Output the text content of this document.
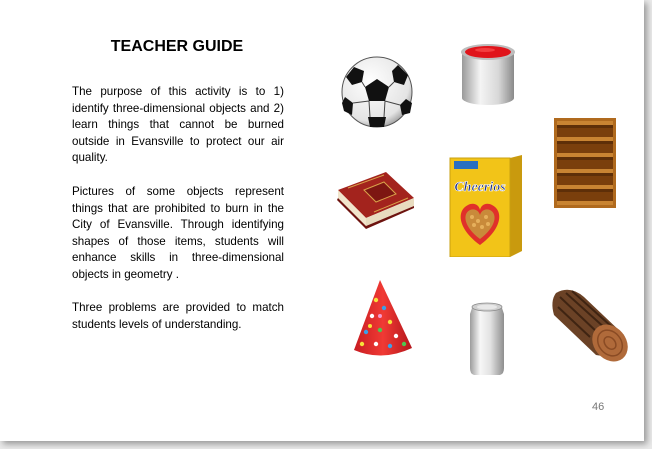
TEACHER GUIDE

The purpose of this activity is to 1) identify three-dimensional objects and 2) learn things that cannot be burned outside in Evansville to protect our air quality.

Pictures of some objects represent things that are prohibited to burn in the City of Evansville. Through identifying shapes of those items, students will enhance skills in three-dimensional objects in geometry .

Three problems are provided to match students levels of understanding.

Cheerios
46
